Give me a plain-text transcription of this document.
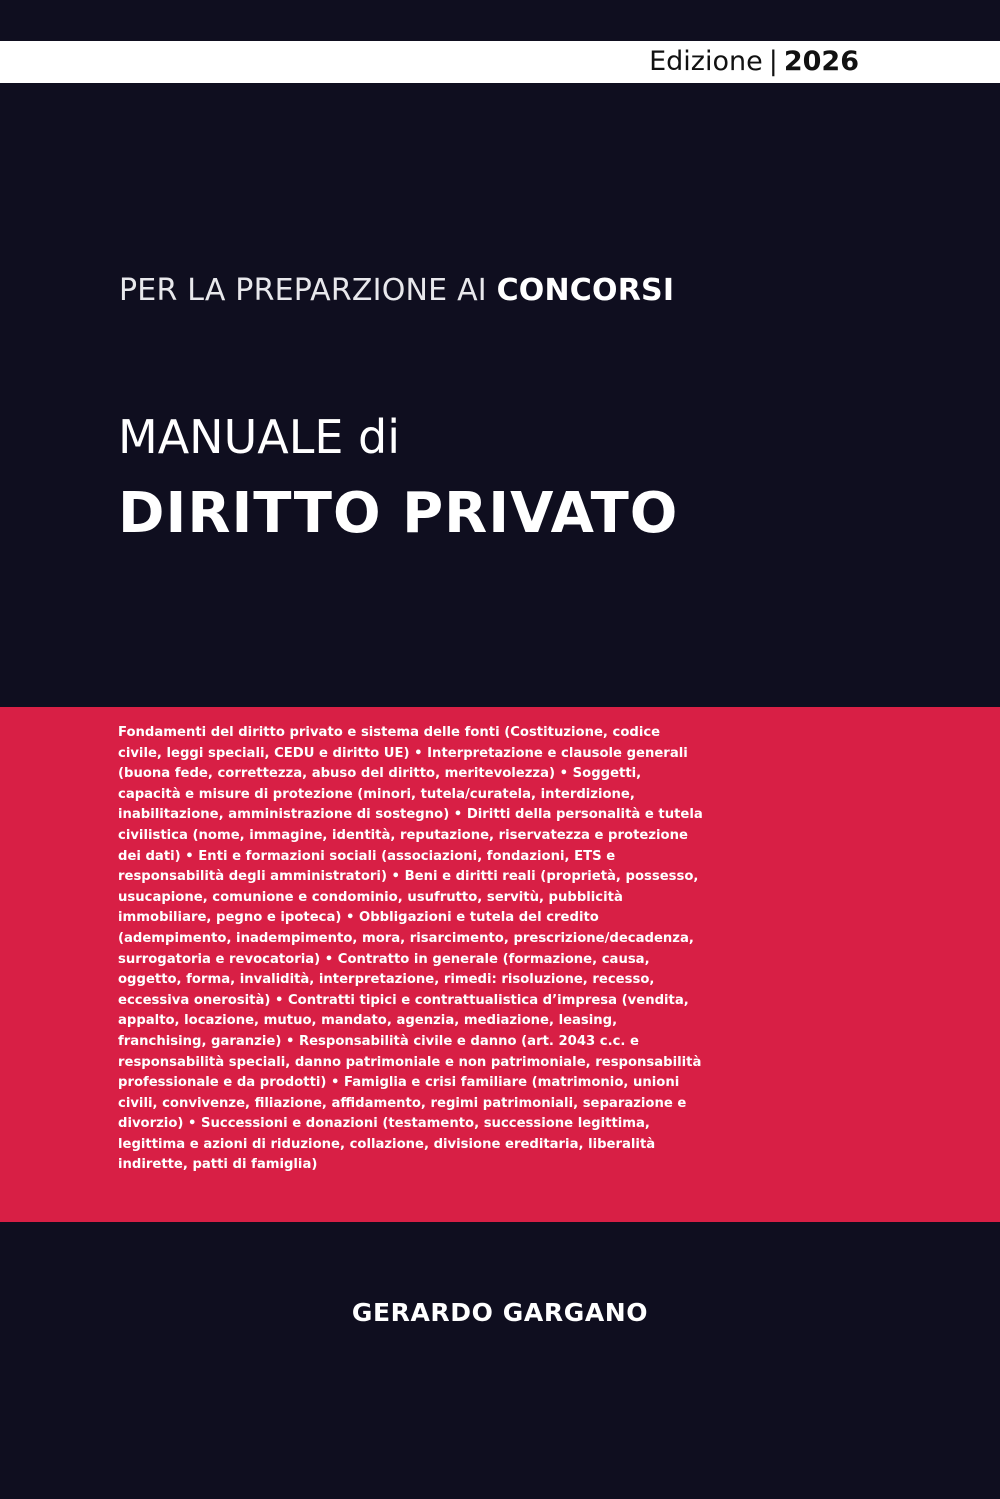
Edizione | 2026
PER LA PREPARZIONE AI CONCORSI
MANUALE di
DIRITTO PRIVATO
Fondamenti del diritto privato e sistema delle fonti (Costituzione, codice civile, leggi speciali, CEDU e diritto UE) • Interpretazione e clausole generali (buona fede, correttezza, abuso del diritto, meritevolezza) • Soggetti, capacità e misure di protezione (minori, tutela/curatela, interdizione, inabilitazione, amministrazione di sostegno) • Diritti della personalità e tutela civilistica (nome, immagine, identità, reputazione, riservatezza e protezione dei dati) • Enti e formazioni sociali (associazioni, fondazioni, ETS e responsabilità degli amministratori) • Beni e diritti reali (proprietà, possesso, usucapione, comunione e condominio, usufrutto, servitù, pubblicità immobiliare, pegno e ipoteca) • Obbligazioni e tutela del credito (adempimento, inadempimento, mora, risarcimento, prescrizione/decadenza, surrogatoria e revocatoria) • Contratto in generale (formazione, causa, oggetto, forma, invalidità, interpretazione, rimedi: risoluzione, recesso, eccessiva onerosità) • Contratti tipici e contrattualistica d’impresa (vendita, appalto, locazione, mutuo, mandato, agenzia, mediazione, leasing, franchising, garanzie) • Responsabilità civile e danno (art. 2043 c.c. e responsabilità speciali, danno patrimoniale e non patrimoniale, responsabilità professionale e da prodotti) • Famiglia e crisi familiare (matrimonio, unioni civili, convivenze, filiazione, affidamento, regimi patrimoniali, separazione e divorzio) • Successioni e donazioni (testamento, successione legittima, legittima e azioni di riduzione, collazione, divisione ereditaria, liberalità indirette, patti di famiglia)
GERARDO GARGANO
